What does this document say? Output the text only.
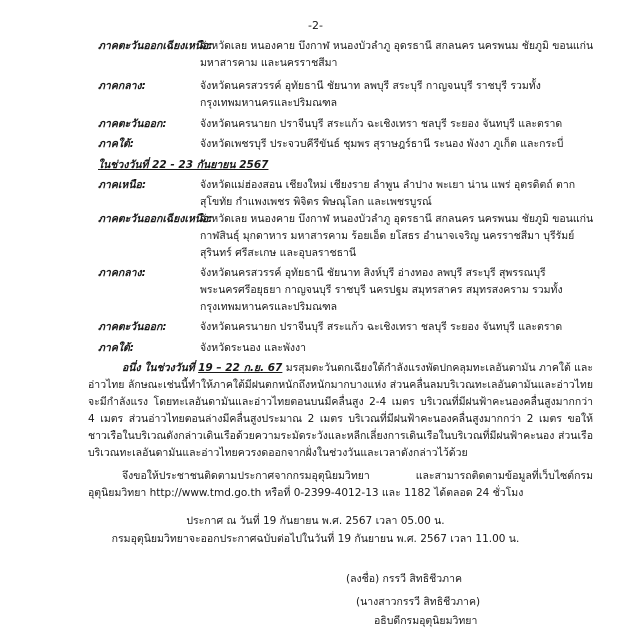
-2-
ภาคตะวันออกเฉียงเหนือ:
จังหวัดเลย หนองคาย บึงกาฬ หนองบัวลำภู อุดรธานี สกลนคร นครพนม ชัยภูมิ ขอนแก่น มหาสารคาม และนครราชสีมา
ภาคกลาง:	จังหวัดนครสวรรค์ อุทัยธานี ชัยนาท ลพบุรี สระบุรี กาญจนบุรี ราชบุรี รวมทั้งกรุงเทพมหานครและปริมณฑล
ภาคตะวันออก:	จังหวัดนครนายก ปราจีนบุรี สระแก้ว ฉะเชิงเทรา ชลบุรี ระยอง จันทบุรี และตราด
ภาคใต้:	จังหวัดเพชรบุรี ประจวบคีรีขันธ์ ชุมพร สุราษฎร์ธานี ระนอง พังงา ภูเก็ต และกระบี่
ในช่วงวันที่ 22 - 23 กันยายน 2567
ภาคเหนือ:	จังหวัดแม่ฮ่องสอน เชียงใหม่ เชียงราย ลำพูน ลำปาง พะเยา น่าน แพร่ อุตรดิตถ์ ตาก สุโขทัย กำแพงเพชร พิจิตร พิษณุโลก และเพชรบูรณ์
ภาคตะวันออกเฉียงเหนือ:
จังหวัดเลย หนองคาย บึงกาฬ หนองบัวลำภู อุดรธานี สกลนคร นครพนม ชัยภูมิ ขอนแก่น กาฬสินธุ์ มุกดาหาร มหาสารคาม ร้อยเอ็ด ยโสธร อำนาจเจริญ นครราชสีมา บุรีรัมย์ สุรินทร์ ศรีสะเกษ และอุบลราชธานี
ภาคกลาง:	จังหวัดนครสวรรค์ อุทัยธานี ชัยนาท สิงห์บุรี อ่างทอง ลพบุรี สระบุรี สุพรรณบุรี พระนครศรีอยุธยา กาญจนบุรี ราชบุรี นครปฐม สมุทรสาคร สมุทรสงคราม รวมทั้งกรุงเทพมหานครและปริมณฑล
ภาคตะวันออก:	จังหวัดนครนายก ปราจีนบุรี สระแก้ว ฉะเชิงเทรา ชลบุรี ระยอง จันทบุรี และตราด
ภาคใต้:	จังหวัดระนอง และพังงา
อนึ่ง ในช่วงวันที่ 19 – 22 ก.ย. 67 มรสุมตะวันตกเฉียงใต้กำลังแรงพัดปกคลุมทะเลอันดามัน ภาคใต้ และอ่าวไทย ลักษณะเช่นนี้ทำให้ภาคใต้มีฝนตกหนักถึงหนักมากบางแห่ง ส่วนคลื่นลมบริเวณทะเลอันดามันและอ่าวไทยจะมีกำลังแรง โดยทะเลอันดามันและอ่าวไทยตอนบนมีคลื่นสูง 2-4 เมตร บริเวณที่มีฝนฟ้าคะนองคลื่นสูงมากกว่า 4 เมตร ส่วนอ่าวไทยตอนล่างมีคลื่นสูงประมาณ 2 เมตร บริเวณที่มีฝนฟ้าคะนองคลื่นสูงมากกว่า 2 เมตร ขอให้ชาวเรือในบริเวณดังกล่าวเดินเรือด้วยความระมัดระวังและหลีกเลี่ยงการเดินเรือในบริเวณที่มีฝนฟ้าคะนอง ส่วนเรือบริเวณทะเลอันดามันและอ่าวไทยควรงดออกจากฝั่งในช่วงวันและเวลาดังกล่าวไว้ด้วย
จึงขอให้ประชาชนติดตามประกาศจากกรมอุตุนิยมวิทยา และสามารถติดตามข้อมูลที่เว็บไซต์กรมอุตุนิยมวิทยา http://www.tmd.go.th หรือที่ 0-2399-4012-13 และ 1182 ได้ตลอด 24 ชั่วโมง
ประกาศ ณ วันที่ 19 กันยายน พ.ศ. 2567 เวลา 05.00 น.
กรมอุตุนิยมวิทยาจะออกประกาศฉบับต่อไปในวันที่ 19 กันยายน พ.ศ. 2567 เวลา 11.00 น.
(ลงชื่อ) กรรวี สิทธิชีวภาค
(นางสาวกรรวี สิทธิชีวภาค)
อธิบดีกรมอุตุนิยมวิทยา
